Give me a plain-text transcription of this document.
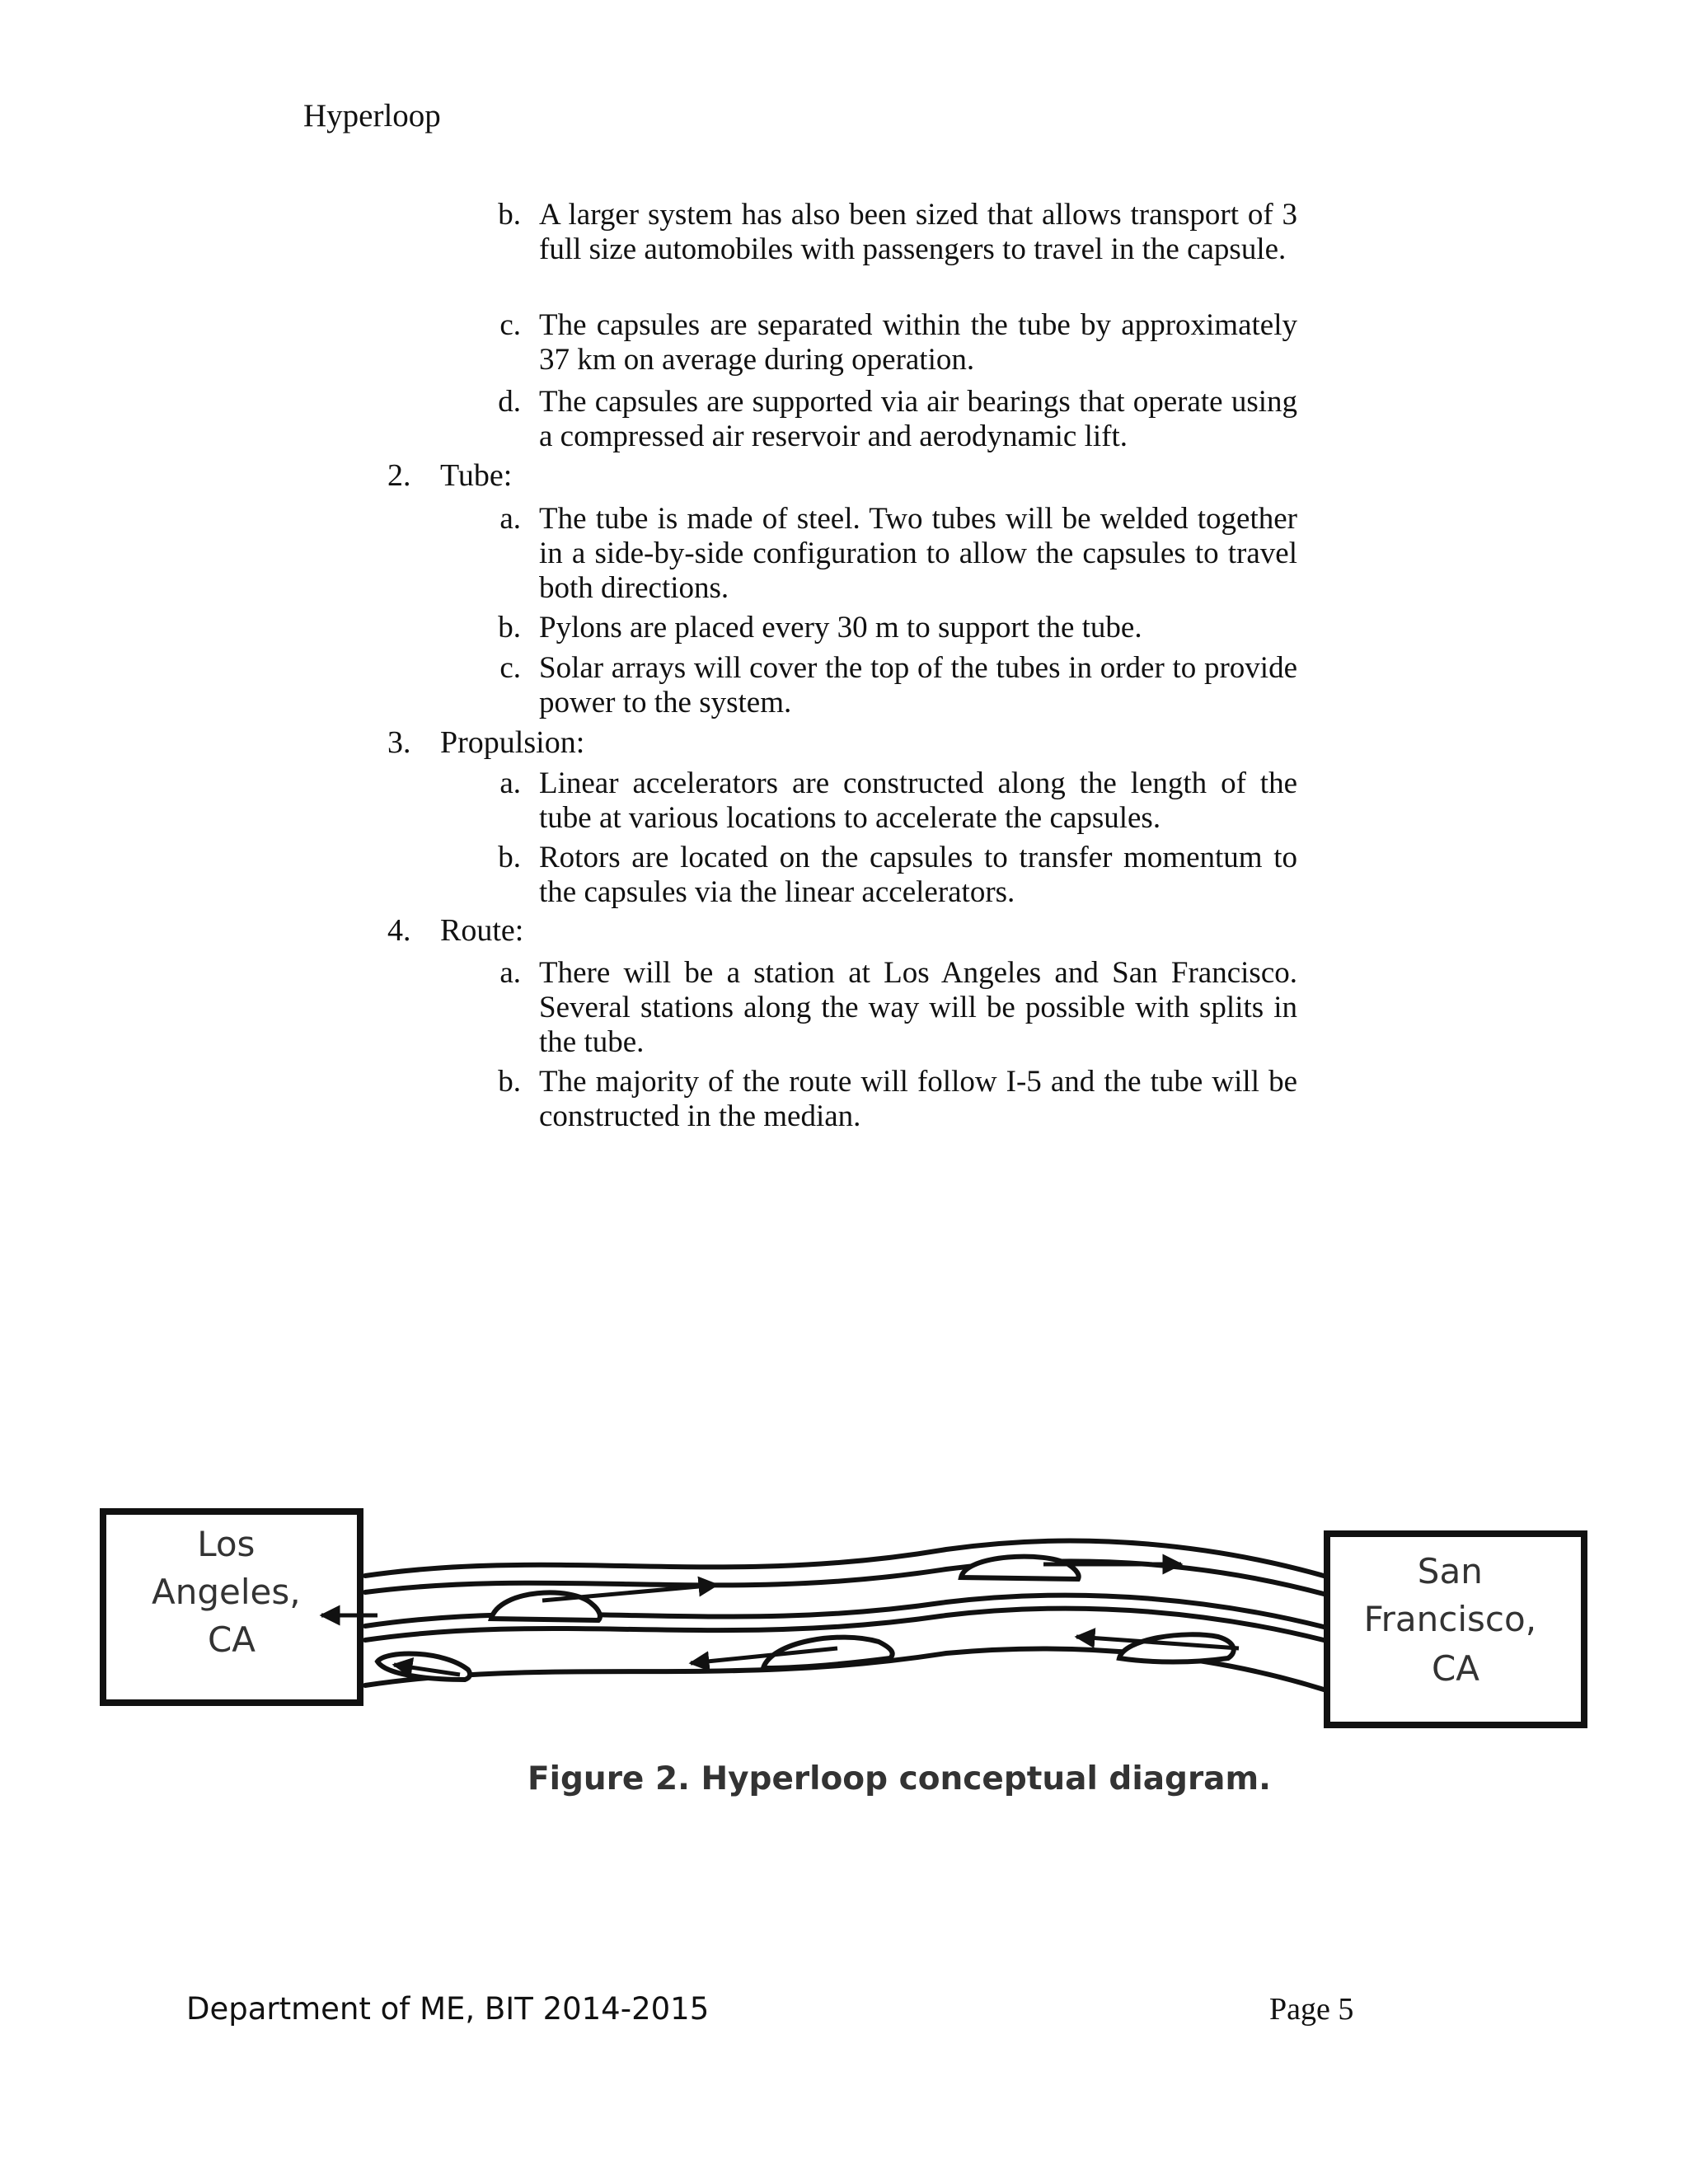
Hyperloop
b. A larger system has also been sized that allows transport of 3 full size automobiles with passengers to travel in the capsule.
c. The capsules are separated within the tube by approximately 37 km on average during operation.
d. The capsules are supported via air bearings that operate using a compressed air reservoir and aerodynamic lift.
2. Tube:
a. The tube is made of steel. Two tubes will be welded together in a side-by-side configuration to allow the capsules to travel both directions.
b. Pylons are placed every 30 m to support the tube.
c. Solar arrays will cover the top of the tubes in order to provide power to the system.
3. Propulsion:
a. Linear accelerators are constructed along the length of the tube at various locations to accelerate the capsules.
b. Rotors are located on the capsules to transfer momentum to the capsules via the linear accelerators.
4. Route:
a. There will be a station at Los Angeles and San Francisco. Several stations along the way will be possible with splits in the tube.
b. The majority of the route will follow I-5 and the tube will be constructed in the median.
Los Angeles, CA
San Francisco, CA
Figure 2. Hyperloop conceptual diagram.
Department of ME, BIT 2014-2015	Page 5
